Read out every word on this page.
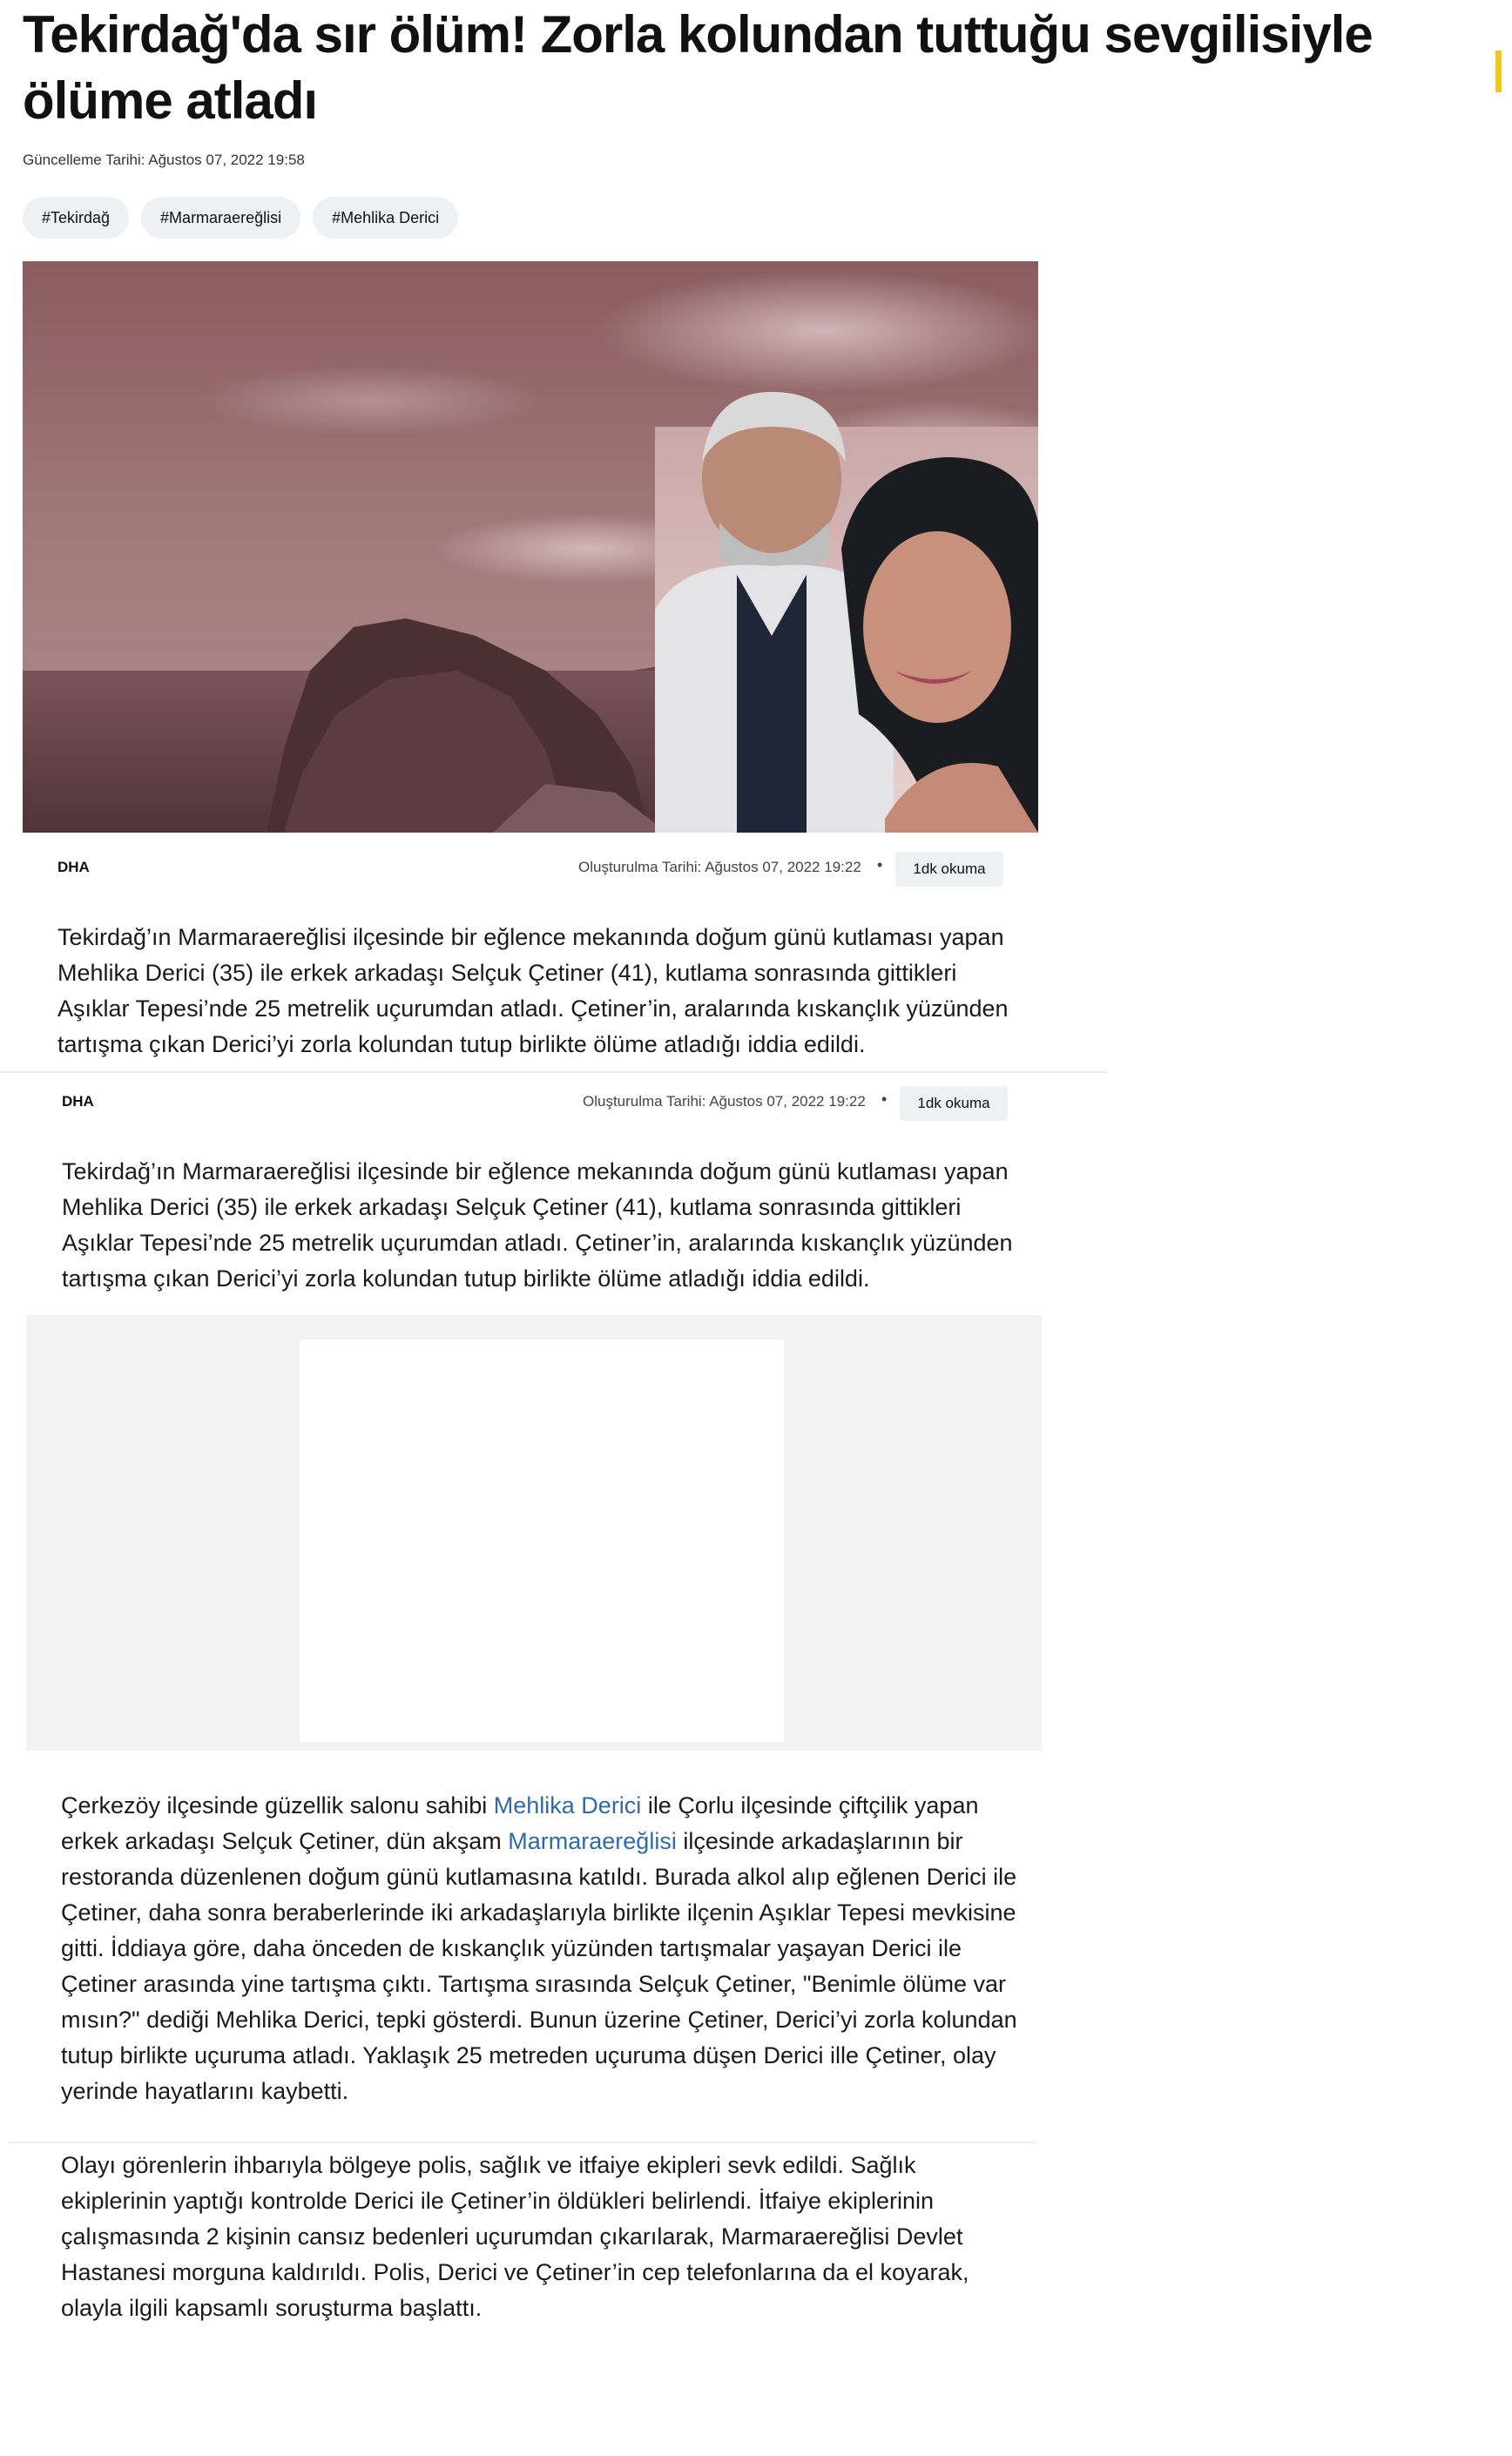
Tekirdağ'da sır ölüm! Zorla kolundan tuttuğu sevgilisiyle ölüme atladı
Güncelleme Tarihi: Ağustos 07, 2022 19:58
#Tekirdağ	#Marmaraereğlisi	#Mehlika Derici
DHA	Oluşturulma Tarihi: Ağustos 07, 2022 19:22 •	1dk okuma

Tekirdağ’ın Marmaraereğlisi ilçesinde bir eğlence mekanında doğum günü kutlaması yapan Mehlika Derici (35) ile erkek arkadaşı Selçuk Çetiner (41), kutlama sonrasında gittikleri Aşıklar Tepesi’nde 25 metrelik uçurumdan atladı. Çetiner’in, aralarında kıskançlık yüzünden tartışma çıkan Derici’yi zorla kolundan tutup birlikte ölüme atladığı iddia edildi.

DHA	Oluşturulma Tarihi: Ağustos 07, 2022 19:22 •	1dk okuma

Tekirdağ’ın Marmaraereğlisi ilçesinde bir eğlence mekanında doğum günü kutlaması yapan Mehlika Derici (35) ile erkek arkadaşı Selçuk Çetiner (41), kutlama sonrasında gittikleri Aşıklar Tepesi’nde 25 metrelik uçurumdan atladı. Çetiner’in, aralarında kıskançlık yüzünden tartışma çıkan Derici’yi zorla kolundan tutup birlikte ölüme atladığı iddia edildi.

Çerkezöy ilçesinde güzellik salonu sahibi Mehlika Derici ile Çorlu ilçesinde çiftçilik yapan erkek arkadaşı Selçuk Çetiner, dün akşam Marmaraereğlisi ilçesinde arkadaşlarının bir restoranda düzenlenen doğum günü kutlamasına katıldı. Burada alkol alıp eğlenen Derici ile Çetiner, daha sonra beraberlerinde iki arkadaşlarıyla birlikte ilçenin Aşıklar Tepesi mevkisine gitti. İddiaya göre, daha önceden de kıskançlık yüzünden tartışmalar yaşayan Derici ile Çetiner arasında yine tartışma çıktı. Tartışma sırasında Selçuk Çetiner, "Benimle ölüme var mısın?" dediği Mehlika Derici, tepki gösterdi. Bunun üzerine Çetiner, Derici’yi zorla kolundan tutup birlikte uçuruma atladı. Yaklaşık 25 metreden uçuruma düşen Derici ille Çetiner, olay yerinde hayatlarını kaybetti.

Olayı görenlerin ihbarıyla bölgeye polis, sağlık ve itfaiye ekipleri sevk edildi. Sağlık ekiplerinin yaptığı kontrolde Derici ile Çetiner’in öldükleri belirlendi. İtfaiye ekiplerinin çalışmasında 2 kişinin cansız bedenleri uçurumdan çıkarılarak, Marmaraereğlisi Devlet Hastanesi morguna kaldırıldı. Polis, Derici ve Çetiner’in cep telefonlarına da el koyarak, olayla ilgili kapsamlı soruşturma başlattı.
